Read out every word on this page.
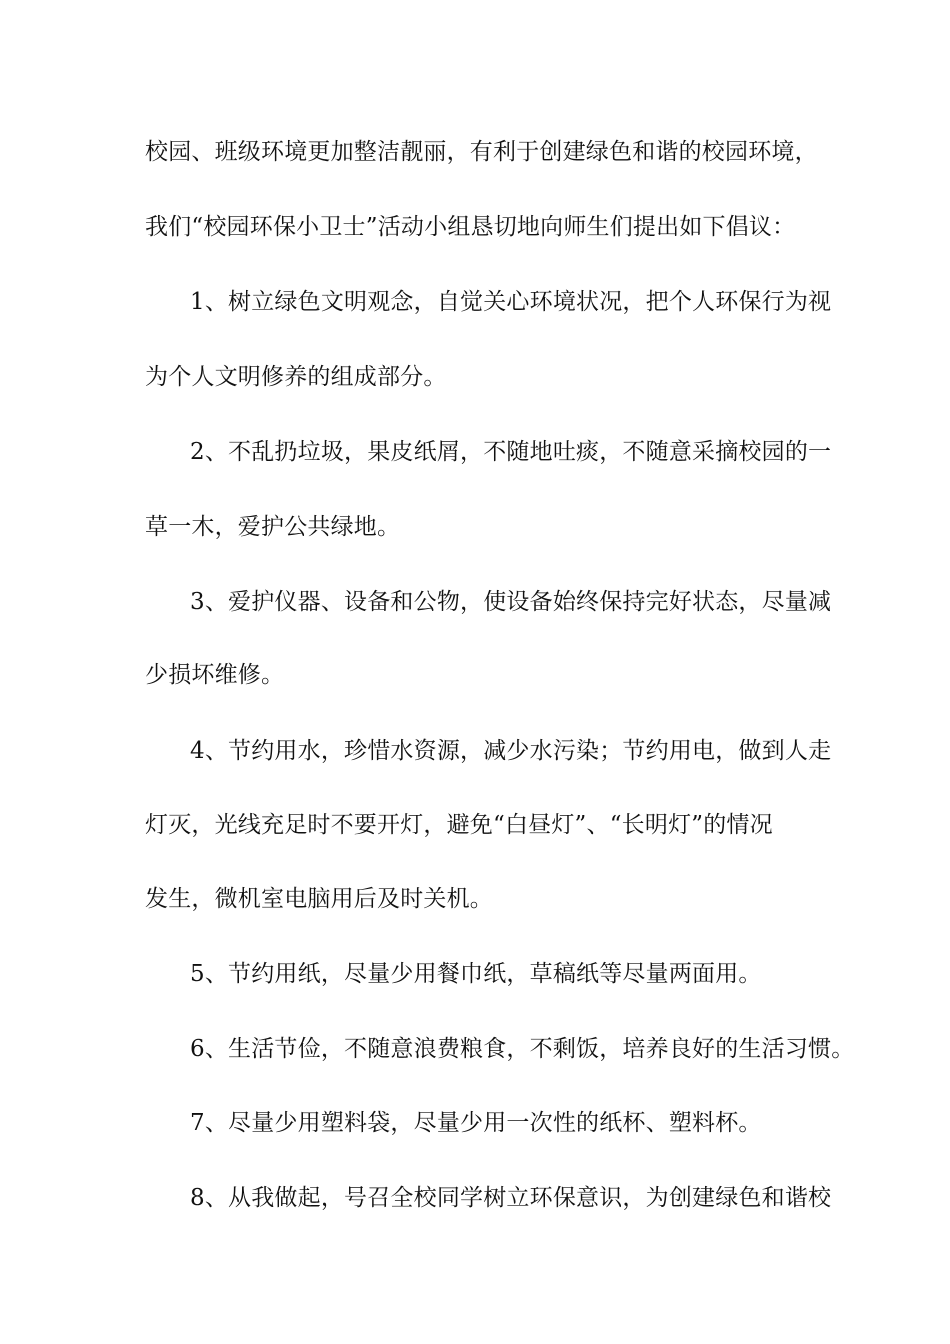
校园、班级环境更加整洁靓丽，有利于创建绿色和谐的校园环境，
我们“校园环保小卫士”活动小组恳切地向师生们提出如下倡议：
1、树立绿色文明观念，自觉关心环境状况，把个人环保行为视
为个人文明修养的组成部分。
2、不乱扔垃圾，果皮纸屑，不随地吐痰，不随意采摘校园的一
草一木，爱护公共绿地。
3、爱护仪器、设备和公物，使设备始终保持完好状态，尽量减
少损坏维修。
4、节约用水，珍惜水资源，减少水污染；节约用电，做到人走
灯灭，光线充足时不要开灯，避免“白昼灯”、“长明灯”的情况
发生，微机室电脑用后及时关机。
5、节约用纸，尽量少用餐巾纸，草稿纸等尽量两面用。
6、生活节俭，不随意浪费粮食，不剩饭，培养良好的生活习惯。
7、尽量少用塑料袋，尽量少用一次性的纸杯、塑料杯。
8、从我做起，号召全校同学树立环保意识，为创建绿色和谐校
